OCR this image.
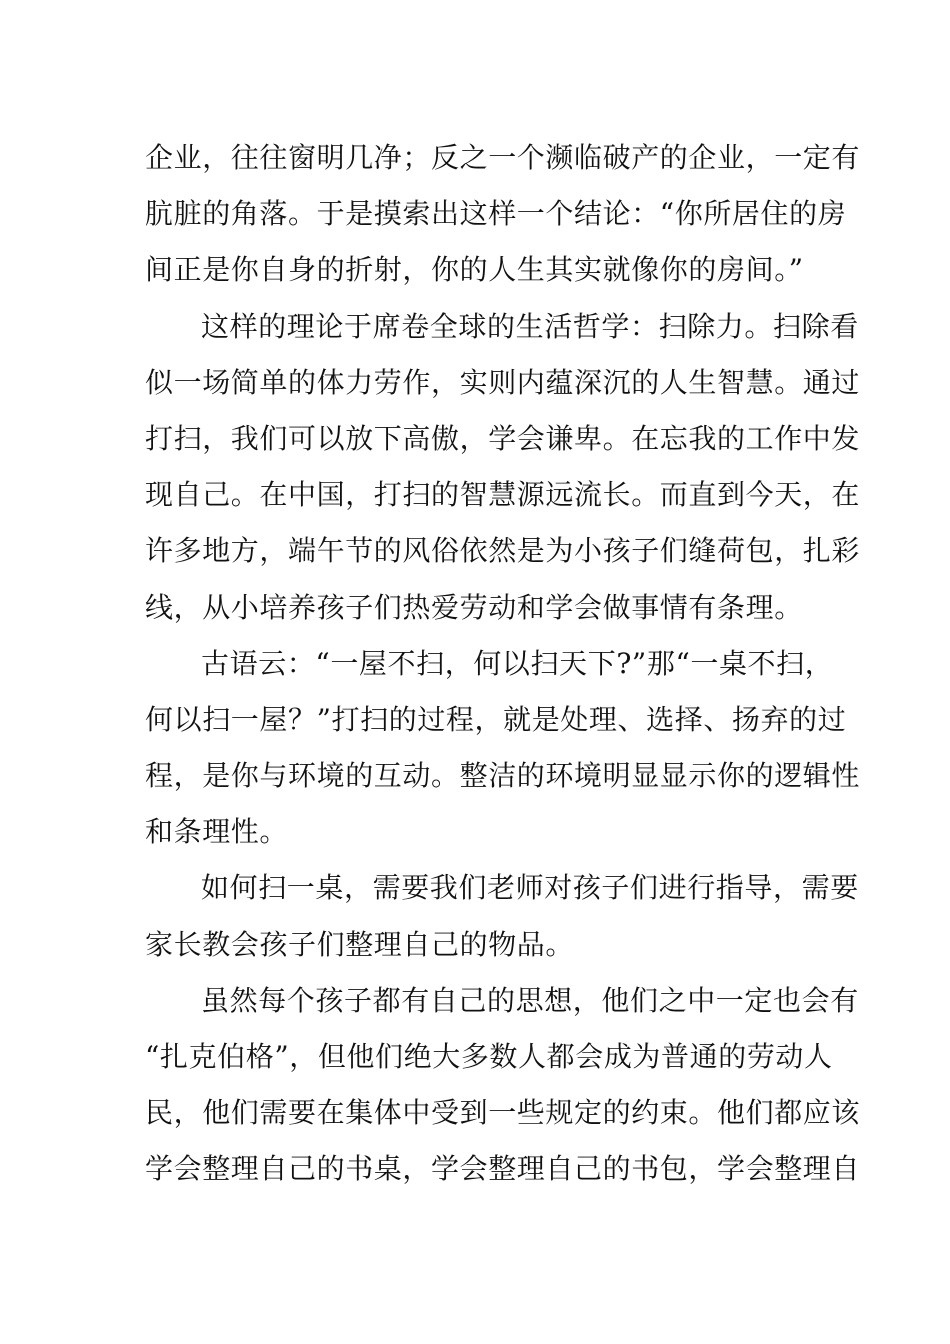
企业，往往窗明几净；反之一个濒临破产的企业，一定有
肮脏的角落。于是摸索出这样一个结论：“你所居住的房
间正是你自身的折射，你的人生其实就像你的房间。”
这样的理论于席卷全球的生活哲学：扫除力。扫除看
似一场简单的体力劳作，实则内蕴深沉的人生智慧。通过
打扫，我们可以放下高傲，学会谦卑。在忘我的工作中发
现自己。在中国，打扫的智慧源远流长。而直到今天，在
许多地方，端午节的风俗依然是为小孩子们缝荷包，扎彩
线，从小培养孩子们热爱劳动和学会做事情有条理。
古语云：“一屋不扫，何以扫天下?”那“一桌不扫，
何以扫一屋？”打扫的过程，就是处理、选择、扬弃的过
程，是你与环境的互动。整洁的环境明显显示你的逻辑性
和条理性。
如何扫一桌，需要我们老师对孩子们进行指导，需要
家长教会孩子们整理自己的物品。
虽然每个孩子都有自己的思想，他们之中一定也会有
“扎克伯格”，但他们绝大多数人都会成为普通的劳动人
民，他们需要在集体中受到一些规定的约束。他们都应该
学会整理自己的书桌，学会整理自己的书包，学会整理自
